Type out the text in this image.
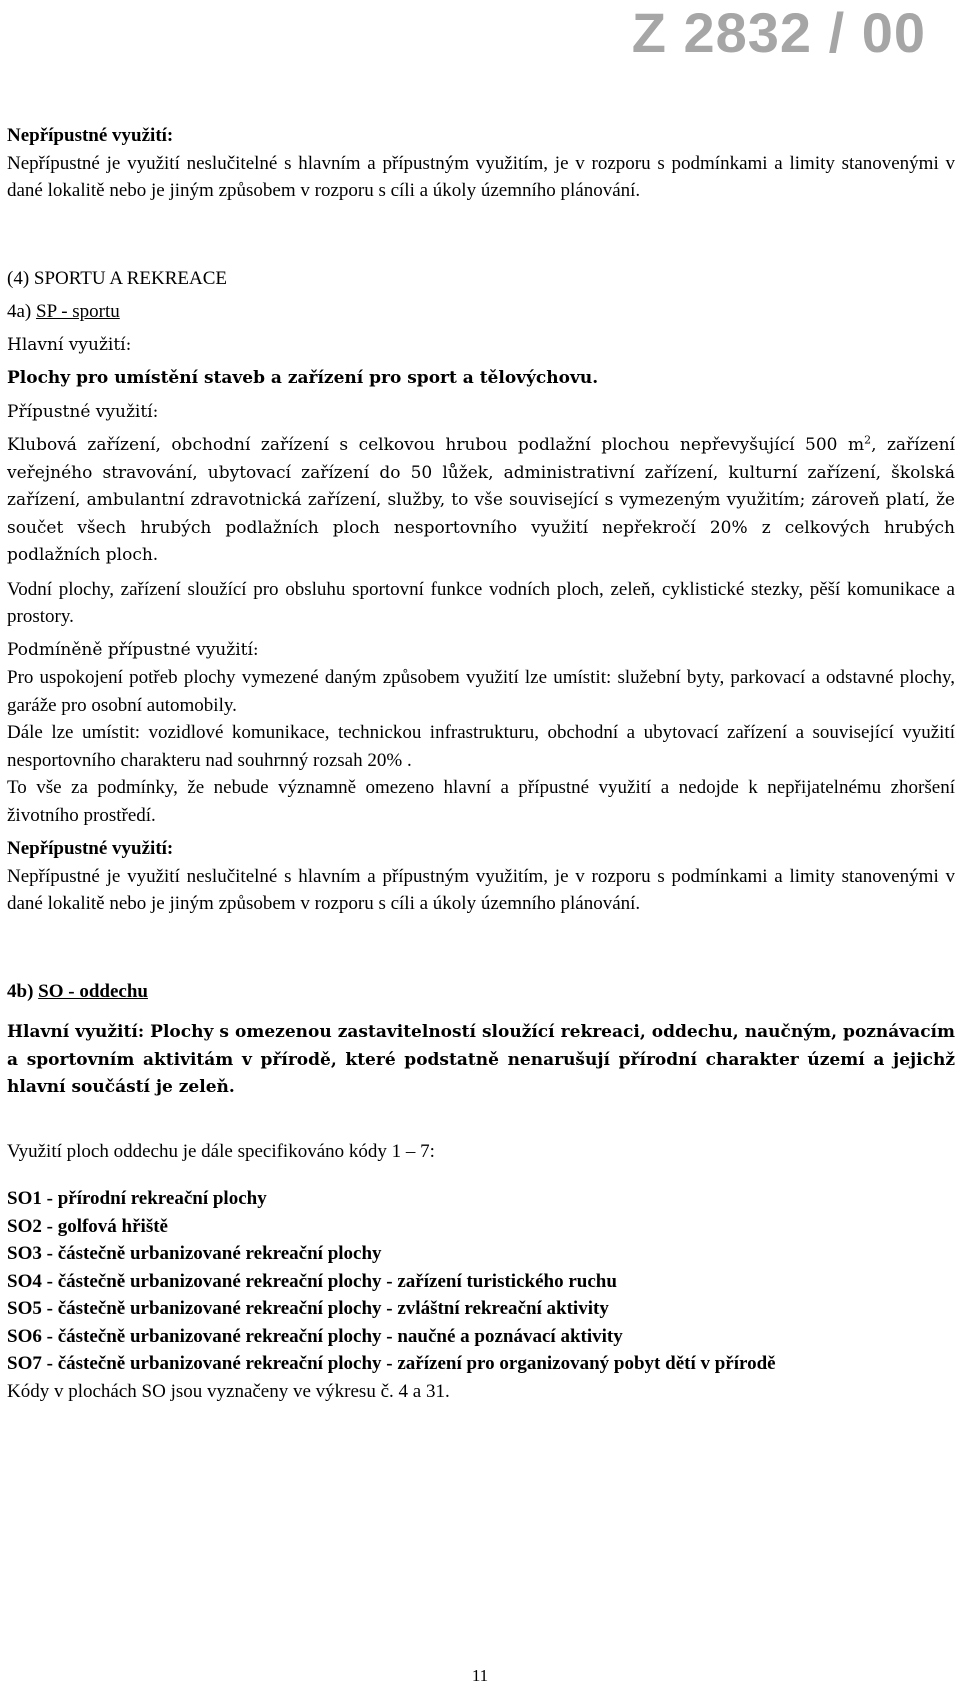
Z 2832 / 00

Nepřípustné využití:

Nepřípustné je využití neslučitelné s hlavním a přípustným využitím, je v rozporu s podmínkami a limity stanovenými v dané lokalitě nebo je jiným způsobem v rozporu s cíli a úkoly územního plánování.

(4) SPORTU A REKREACE

4a) SP - sportu

Hlavní využití:

Plochy pro umístění staveb a zařízení pro sport a tělovýchovu.

Přípustné využití:

Klubová zařízení, obchodní zařízení s celkovou hrubou podlažní plochou nepřevyšující 500 $m^2$, zařízení veřejného stravování, ubytovací zařízení do 50 lůžek, administrativní zařízení, kulturní zařízení, školská zařízení, ambulantní zdravotnická zařízení, služby, to vše související s vymezeným využitím; zároveň platí, že součet všech hrubých podlažních ploch nesportovního využití nepřekročí 20% z celkových hrubých podlažních ploch.

Vodní plochy, zařízení sloužící pro obsluhu sportovní funkce vodních ploch, zeleň, cyklistické stezky, pěší komunikace a prostory.

Podmíněně přípustné využití:

Pro uspokojení potřeb plochy vymezené daným způsobem využití lze umístit: služební byty, parkovací a odstavné plochy, garáže pro osobní automobily.

Dále lze umístit: vozidlové komunikace, technickou infrastrukturu, obchodní a ubytovací zařízení a související využití nesportovního charakteru nad souhrnný rozsah 20% .

To vše za podmínky, že nebude významně omezeno hlavní a přípustné využití a nedojde k nepřijatelnému zhoršení životního prostředí.

Nepřípustné využití:

Nepřípustné je využití neslučitelné s hlavním a přípustným využitím, je v rozporu s podmínkami a limity stanovenými v dané lokalitě nebo je jiným způsobem v rozporu s cíli a úkoly územního plánování.

4b) SO - oddechu

Hlavní využití: Plochy s omezenou zastavitelností sloužící rekreaci, oddechu, naučným, poznávacím a sportovním aktivitám v přírodě, které podstatně nenarušují přírodní charakter území a jejichž hlavní součástí je zeleň.

Využití ploch oddechu je dále specifikováno kódy 1 – 7:

SO1 - přírodní rekreační plochy
SO2 - golfová hřiště
SO3 - částečně urbanizované rekreační plochy
SO4 - částečně urbanizované rekreační plochy - zařízení turistického ruchu
SO5 - částečně urbanizované rekreační plochy - zvláštní rekreační aktivity
SO6 - částečně urbanizované rekreační plochy - naučné a poznávací aktivity
SO7 - částečně urbanizované rekreační plochy - zařízení pro organizovaný pobyt dětí v přírodě

Kódy v plochách SO jsou vyznačeny ve výkresu č. 4 a 31.

11
